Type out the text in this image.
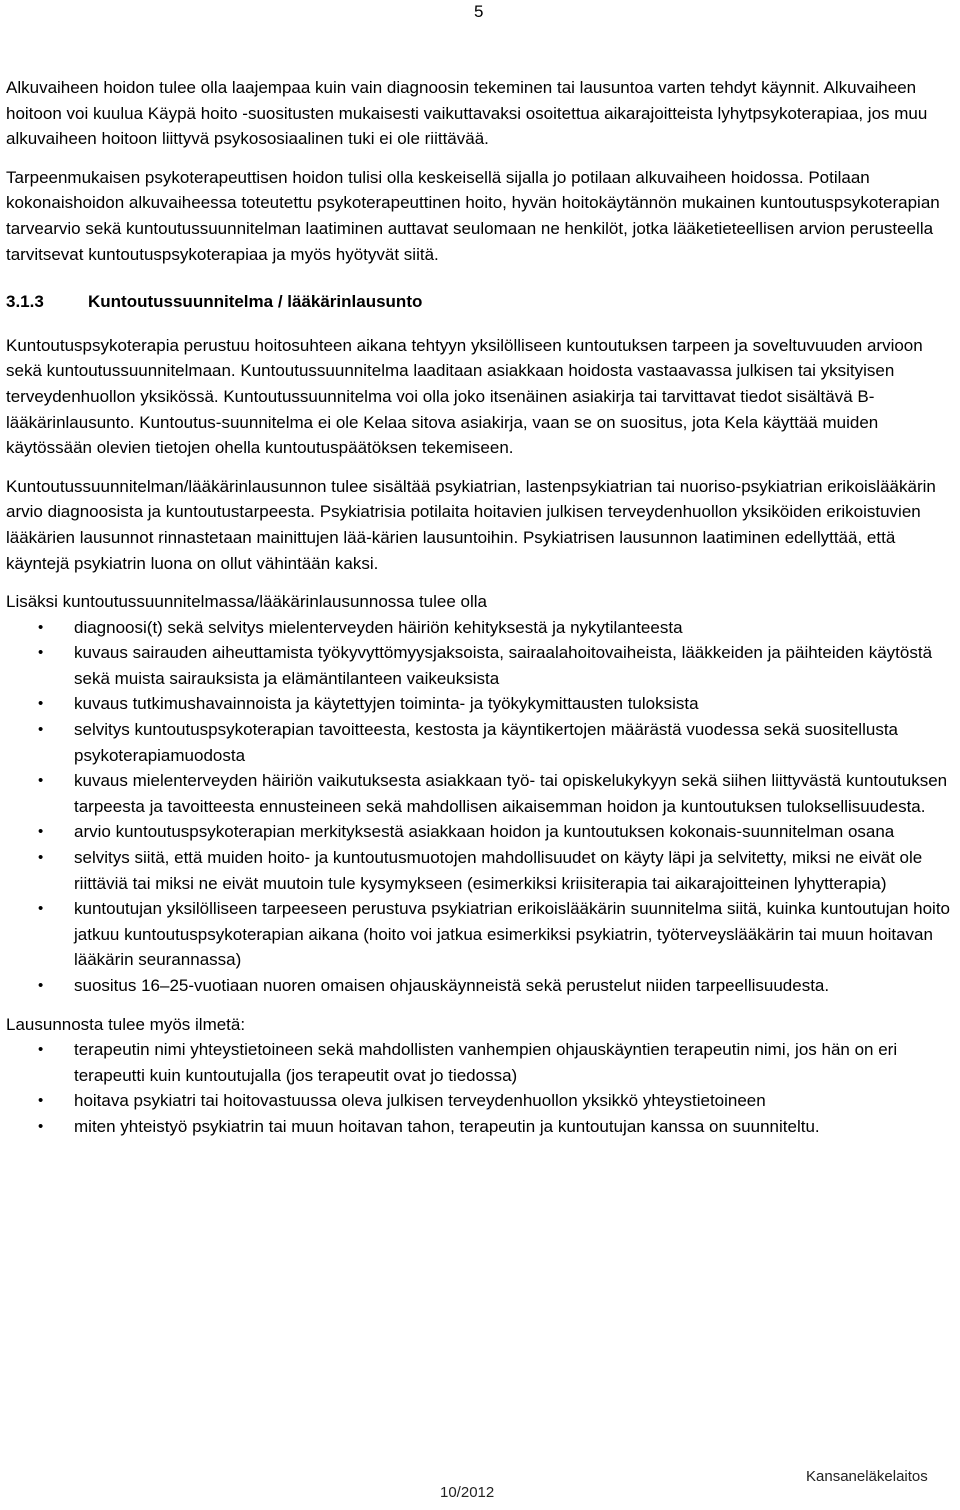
5

Alkuvaiheen hoidon tulee olla laajempaa kuin vain diagnoosin tekeminen tai lausuntoa varten tehdyt käynnit. Alkuvaiheen hoitoon voi kuulua Käypä hoito -suositusten mukaisesti vaikuttavaksi osoitettua aikarajoitteista lyhytpsykoterapiaa, jos muu alkuvaiheen hoitoon liittyvä psykososiaalinen tuki ei ole riittävää.

Tarpeenmukaisen psykoterapeuttisen hoidon tulisi olla keskeisellä sijalla jo potilaan alkuvaiheen hoidossa. Potilaan kokonaishoidon alkuvaiheessa toteutettu psykoterapeuttinen hoito, hyvän hoitokäytännön mukainen kuntoutuspsykoterapian tarvearvio sekä kuntoutussuunnitelman laatiminen auttavat seulomaan ne henkilöt, jotka lääketieteellisen arvion perusteella tarvitsevat kuntoutuspsykoterapiaa ja myös hyötyvät siitä.

3.1.3	Kuntoutussuunnitelma / lääkärinlausunto

Kuntoutuspsykoterapia perustuu hoitosuhteen aikana tehtyyn yksilölliseen kuntoutuksen tarpeen ja soveltuvuuden arvioon sekä kuntoutussuunnitelmaan. Kuntoutussuunnitelma laaditaan asiakkaan hoidosta vastaavassa julkisen tai yksityisen terveydenhuollon yksikössä. Kuntoutussuunnitelma voi olla joko itsenäinen asiakirja tai tarvittavat tiedot sisältävä B-lääkärinlausunto. Kuntoutus-suunnitelma ei ole Kelaa sitova asiakirja, vaan se on suositus, jota Kela käyttää muiden käytössään olevien tietojen ohella kuntoutuspäätöksen tekemiseen.

Kuntoutussuunnitelman/lääkärinlausunnon tulee sisältää psykiatrian, lastenpsykiatrian tai nuoriso-psykiatrian erikoislääkärin arvio diagnoosista ja kuntoutustarpeesta. Psykiatrisia potilaita hoitavien julkisen terveydenhuollon yksiköiden erikoistuvien lääkärien lausunnot rinnastetaan mainittujen lää-kärien lausuntoihin. Psykiatrisen lausunnon laatiminen edellyttää, että käyntejä psykiatrin luona on ollut vähintään kaksi.

Lisäksi kuntoutussuunnitelmassa/lääkärinlausunnossa tulee olla

• diagnoosi(t) sekä selvitys mielenterveyden häiriön kehityksestä ja nykytilanteesta
• kuvaus sairauden aiheuttamista työkyvyttömyysjaksoista, sairaalahoitovaiheista, lääkkeiden ja päihteiden käytöstä sekä muista sairauksista ja elämäntilanteen vaikeuksista
• kuvaus tutkimushavainnoista ja käytettyjen toiminta- ja työkykymittausten tuloksista
• selvitys kuntoutuspsykoterapian tavoitteesta, kestosta ja käyntikertojen määrästä vuodessa sekä suositellusta psykoterapiamuodosta
• kuvaus mielenterveyden häiriön vaikutuksesta asiakkaan työ- tai opiskelukykyyn sekä siihen liittyvästä kuntoutuksen tarpeesta ja tavoitteesta ennusteineen sekä mahdollisen aikaisemman hoidon ja kuntoutuksen tuloksellisuudesta.
• arvio kuntoutuspsykoterapian merkityksestä asiakkaan hoidon ja kuntoutuksen kokonais-suunnitelman osana
• selvitys siitä, että muiden hoito- ja kuntoutusmuotojen mahdollisuudet on käyty läpi ja selvitetty, miksi ne eivät ole riittäviä tai miksi ne eivät muutoin tule kysymykseen (esimerkiksi kriisiterapia tai aikarajoitteinen lyhytterapia)
• kuntoutujan yksilölliseen tarpeeseen perustuva psykiatrian erikoislääkärin suunnitelma siitä, kuinka kuntoutujan hoito jatkuu kuntoutuspsykoterapian aikana (hoito voi jatkua esimerkiksi psykiatrin, työterveyslääkärin tai muun hoitavan lääkärin seurannassa)
• suositus 16–25-vuotiaan nuoren omaisen ohjauskäynneistä sekä perustelut niiden tarpeellisuudesta.

Lausunnosta tulee myös ilmetä:

• terapeutin nimi yhteystietoineen sekä mahdollisten vanhempien ohjauskäyntien terapeutin nimi, jos hän on eri terapeutti kuin kuntoutujalla (jos terapeutit ovat jo tiedossa)
• hoitava psykiatri tai hoitovastuussa oleva julkisen terveydenhuollon yksikkö yhteystietoineen
• miten yhteistyö psykiatrin tai muun hoitavan tahon, terapeutin ja kuntoutujan kanssa on suunniteltu.
Kansaneläkelaitos
10/2012
